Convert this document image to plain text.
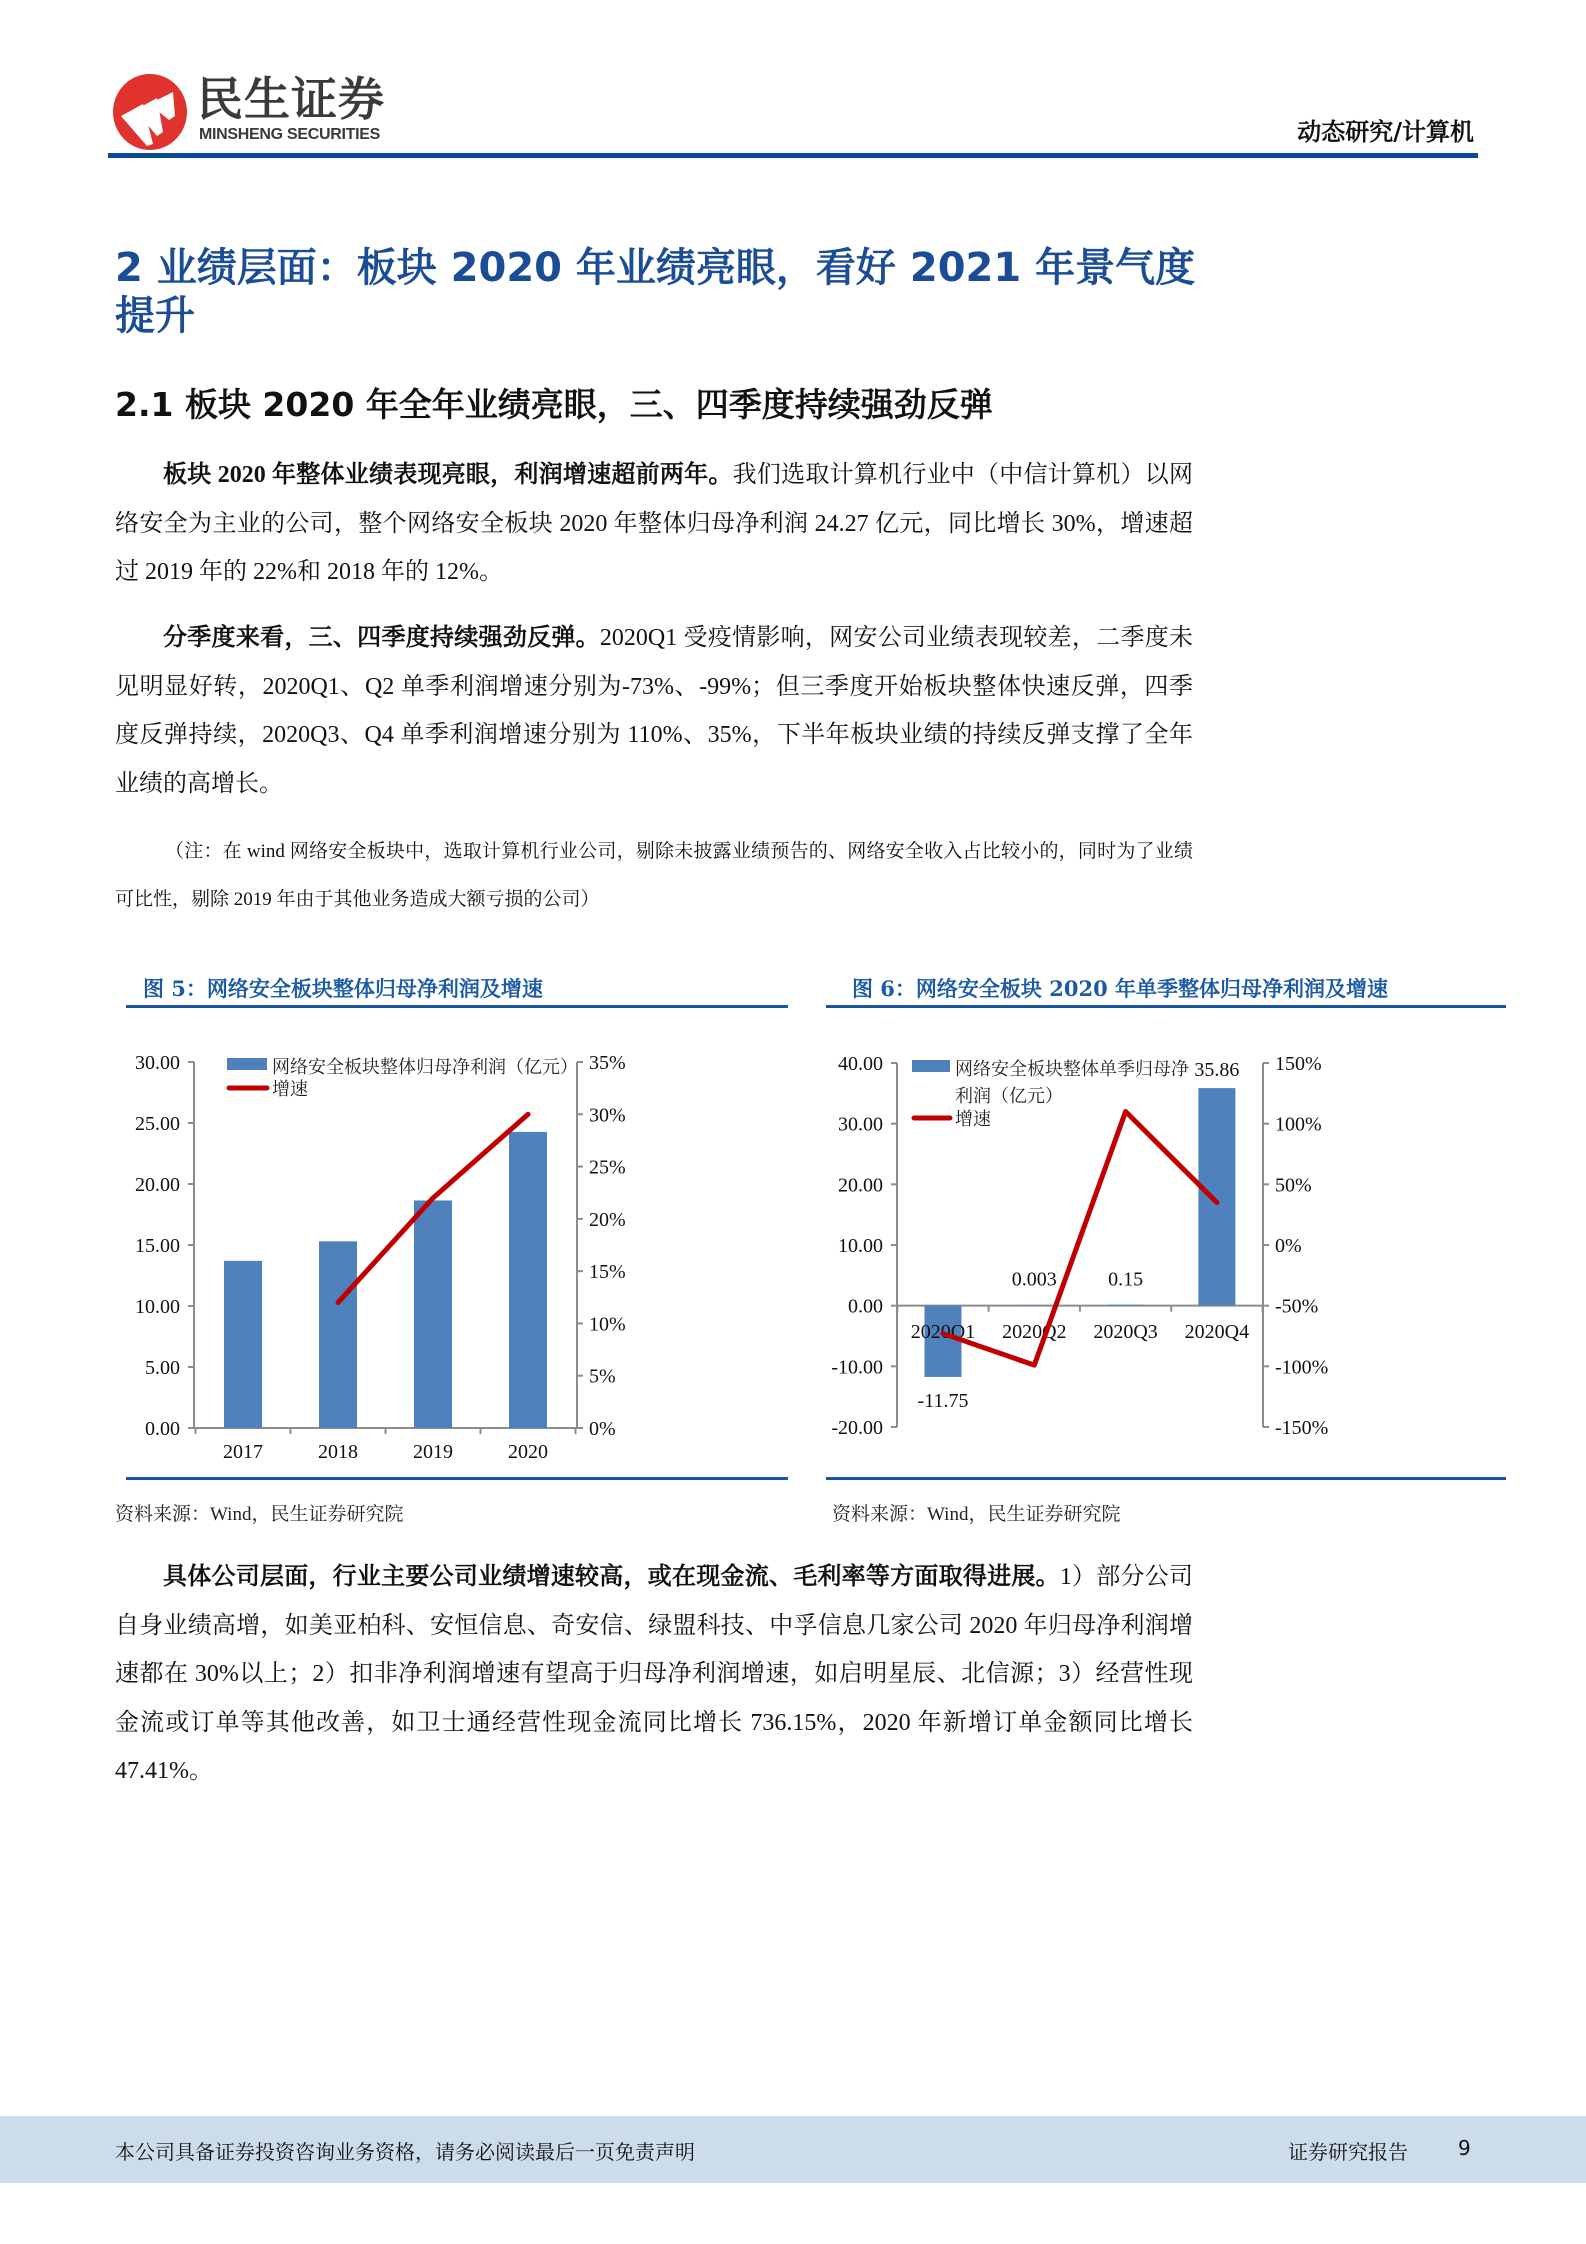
民生证券
MINSHENG SECURITIES	动态研究/计算机
2 业绩层面：板块 2020 年业绩亮眼，看好 2021 年景气度提升
2.1 板块 2020 年全年业绩亮眼，三、四季度持续强劲反弹
板块 2020 年整体业绩表现亮眼，利润增速超前两年。我们选取计算机行业中（中信计算机）以网络安全为主业的公司，整个网络安全板块 2020 年整体归母净利润 24.27 亿元，同比增长 30%，增速超过 2019 年的 22%和 2018 年的 12%。
分季度来看，三、四季度持续强劲反弹。2020Q1 受疫情影响，网安公司业绩表现较差，二季度未见明显好转，2020Q1、Q2 单季利润增速分别为-73%、-99%；但三季度开始板块整体快速反弹，四季度反弹持续，2020Q3、Q4 单季利润增速分别为 110%、35%，下半年板块业绩的持续反弹支撑了全年业绩的高增长。
（注：在 wind 网络安全板块中，选取计算机行业公司，剔除未披露业绩预告的、网络安全收入占比较小的，同时为了业绩可比性，剔除 2019 年由于其他业务造成大额亏损的公司）
图 5：网络安全板块整体归母净利润及增速	图 6：网络安全板块 2020 年单季整体归母净利润及增速
0.00
5.00
10.00
15.00
20.00
25.00
30.00
0%
5%
10%
15%
20%
25%
30%
35%
2017	2018	2019	2020
网络安全板块整体归母净利润（亿元）
增速
-20.00
-10.00
0.00
10.00
20.00
30.00
40.00
-150%
-100%
-50%
0%
50%
100%
150%
2020Q1 2020Q2 2020Q3 2020Q4
-11.75
0.003	0.15
35.86
网络安全板块整体单季归母净
利润（亿元）
增速
资料来源：Wind，民生证券研究院	资料来源：Wind，民生证券研究院
具体公司层面，行业主要公司业绩增速较高，或在现金流、毛利率等方面取得进展。1）部分公司自身业绩高增，如美亚柏科、安恒信息、奇安信、绿盟科技、中孚信息几家公司 2020 年归母净利润增速都在 30%以上；2）扣非净利润增速有望高于归母净利润增速，如启明星辰、北信源；3）经营性现金流或订单等其他改善，如卫士通经营性现金流同比增长 736.15%，2020 年新增订单金额同比增长 47.41%。
本公司具备证券投资咨询业务资格，请务必阅读最后一页免责声明	证券研究报告	9
